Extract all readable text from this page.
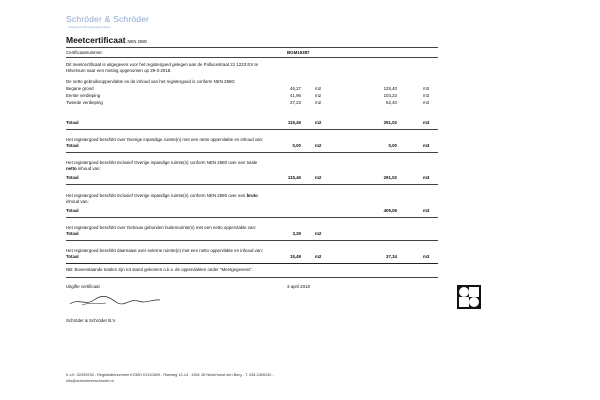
Schröder & Schröder
Vastgoed & Bouwkundig Advies
Meetcertificaat NEN 2580
Certificaatnummer:	BGM19387
Dit meetcertificaat is uitgegeven voor het registergoed gelegen aan de Pollucestraat 21 1223 EX te
Hilversum naar een meting opgenomen op 29-3-2018.
De netto gebruiksoppervlakte en de inhoud van het registergoed is conform NEN 2580:
Begane grond	46,27	m2	125,40	m3
Eerste verdieping	41,96	m2	103,23	m3
Tweede verdieping	27,23	m2	62,40	m3
Totaal	115,46	m2	291,02	m3
Het registergoed beschikt over Overige inpandige ruimte(n) met een netto oppervlakte en inhoud van:
Totaal	0,00	m2	0,00	m3
Het registergoed beschikt inclusief Overige inpandige ruimte(n) conform NEN 2580 over een totale
netto inhoud van:
Totaal	115,46	m2	291,02	m3
Het registergoed beschikt inclusief Overige inpandige ruimte(n) conform NEN 2580 over een bruto
inhoud van:
Totaal	409,06	m3
Het registergoed beschikt over Gebouw gebonden buitenruimte(n) met een netto oppervlakte van:
Totaal	3,29	m2
Het registergoed beschikt daarnaast over externe ruimte(n) met een netto oppervlakte en inhoud van:
Totaal	15,49	m2	37,34	m3
NB: Bovenstaande totalen zijn tot stand gekomen o.b.v. de oppervlakten onder "Meetgegevens".
Uitgifte certificaat	3 april 2018
KOMO
Schröder & Schröder B.V.
K.v.K. 52399234 - Registratienummer KOMO K2110809 - Roeweg 12-14 , 1394 JD Nederhorst den Berg - T. 035-2400230 -
info@schroderenschroder.nl
